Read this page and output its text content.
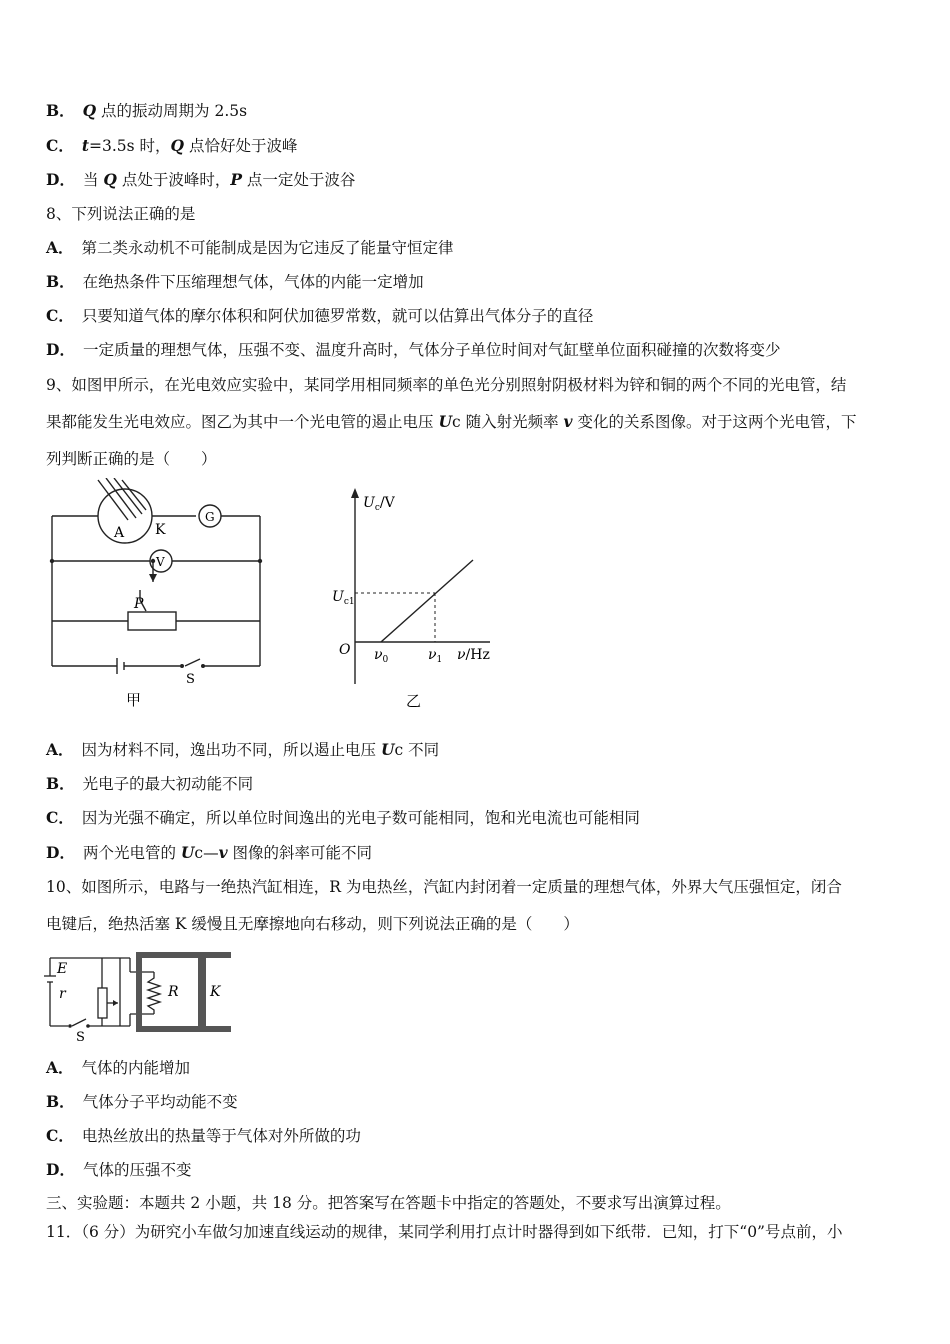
B． Q 点的振动周期为 2.5s
C． t=3.5s 时，Q 点恰好处于波峰
D． 当 Q 点处于波峰时，P 点一定处于波谷
8、下列说法正确的是
A． 第二类永动机不可能制成是因为它违反了能量守恒定律
B． 在绝热条件下压缩理想气体，气体的内能一定增加
C． 只要知道气体的摩尔体积和阿伏加德罗常数，就可以估算出气体分子的直径
D． 一定质量的理想气体，压强不变、温度升高时，气体分子单位时间对气缸壁单位面积碰撞的次数将变少
9、如图甲所示，在光电效应实验中，某同学用相同频率的单色光分别照射阴极材料为锌和铜的两个不同的光电管，结
果都能发生光电效应。图乙为其中一个光电管的遏止电压 Uc 随入射光频率 v 变化的关系图像。对于这两个光电管，下
列判断正确的是（　　）
A K
G
V
P
S
甲
$U_c/V$
$U_{c1}$
O $\nu_0$	$\nu_1$ ν/Hz
乙
A． 因为材料不同，逸出功不同，所以遏止电压 Uc 不同
B． 光电子的最大初动能不同
C． 因为光强不确定，所以单位时间逸出的光电子数可能相同，饱和光电流也可能相同
D． 两个光电管的 Uc—v 图像的斜率可能不同
10、如图所示，电路与一绝热汽缸相连，R 为电热丝，汽缸内封闭着一定质量的理想气体，外界大气压强恒定，闭合
电键后，绝热活塞 K 缓慢且无摩擦地向右移动，则下列说法正确的是（　　）
E
r
S
R K
A． 气体的内能增加
B． 气体分子平均动能不变
C． 电热丝放出的热量等于气体对外所做的功
D． 气体的压强不变
三、实验题：本题共 2 小题，共 18 分。把答案写在答题卡中指定的答题处，不要求写出演算过程。
11．（6 分）为研究小车做匀加速直线运动的规律，某同学利用打点计时器得到如下纸带．已知，打下“0”号点前，小
